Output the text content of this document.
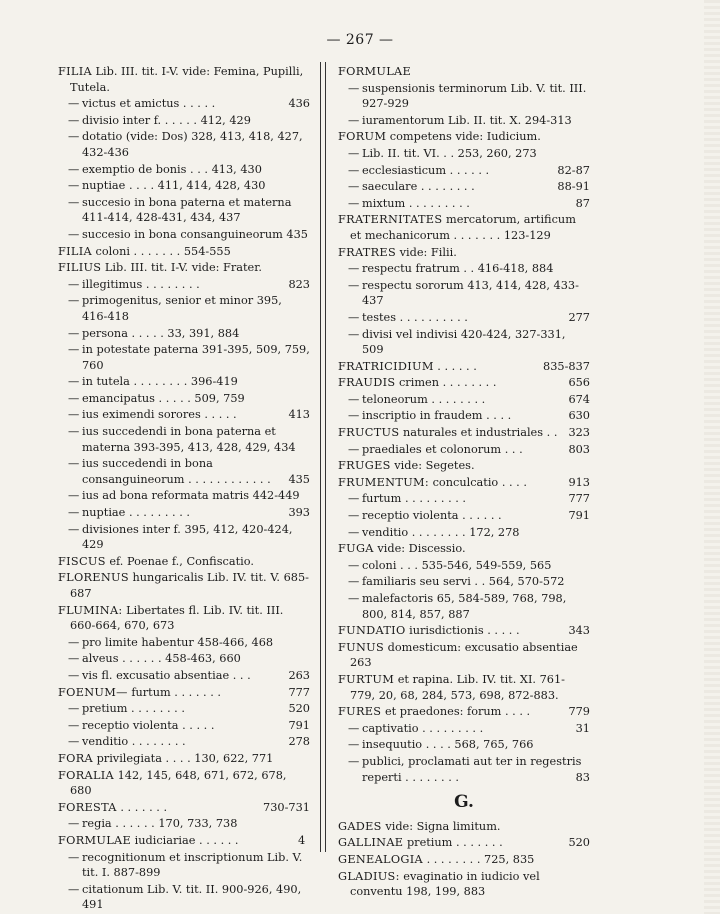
— 267 —
FILIA Lib. III. tit. I-V. vide: Femina, Pupilli, Tutela.
— victus et amictus . . . . .	436
— divisio inter f. . . . . . 412, 429
— dotatio (vide: Dos) 328, 413, 418, 427, 432-436
— exemptio de bonis . . . 413, 430
— nuptiae . . . . 411, 414, 428, 430
— succesio in bona paterna et materna 411-414, 428-431, 434, 437
— succesio in bona consanguineorum 435
FILIA coloni . . . . . . . 554-555
FILIUS Lib. III. tit. I-V. vide: Frater.
— illegitimus . . . . . . . .	823
— primogenitus, senior et minor 395, 416-418
— persona . . . . . 33, 391, 884
— in potestate paterna 391-395, 509, 759, 760
— in tutela . . . . . . . . 396-419
— emancipatus . . . . . 509, 759
— ius eximendi sorores . . . . .	413
— ius succedendi in bona paterna et materna 393-395, 413, 428, 429, 434
— ius succedendi in bona consanguineorum . . . . . . . . . . . . 435
— ius ad bona reformata matris 442-449
— nuptiae . . . . . . . . .	393
— divisiones inter f. 395, 412, 420-424, 429
FISCUS ef. Poenae f., Confiscatio.
FLORENUS hungaricalis Lib. IV. tit. V. 685-687
FLUMINA: Libertates fl. Lib. IV. tit. III. 660-664, 670, 673
— pro limite habentur 458-466, 468
— alveus . . . . . . 458-463, 660
— vis fl. excusatio absentiae . . .	263
FOENUM— furtum . . . . . . .	777
— pretium . . . . . . . .	520
— receptio violenta . . . . .	791
— venditio . . . . . . . .	278
FORA privilegiata . . . . 130, 622, 771
FORALIA 142, 145, 648, 671, 672, 678, 680
FORESTA . . . . . . .	730-731
— regia . . . . . . 170, 733, 738
FORMULAE iudiciariae . . . . . .	4
— recognitionum et inscriptionum Lib. V. tit. I. 887-899
— citationum Lib. V. tit. II. 900-926, 490, 491
FORMULAE
— suspensionis terminorum Lib. V. tit. III. 927-929
— iuramentorum Lib. II. tit. X. 294-313
FORUM competens vide: Iudicium.
— Lib. II. tit. VI. . . 253, 260, 273
— ecclesiasticum . . . . . .	82-87
— saeculare . . . . . . . .	88-91
— mixtum . . . . . . . . .	87
FRATERNITATES mercatorum, artificum et mechanicorum . . . . . . . 123-129
FRATRES vide: Filii.
— respectu fratrum . . 416-418, 884
— respectu sororum 413, 414, 428, 433-437
— testes . . . . . . . . . .	277
— divisi vel indivisi 420-424, 327-331, 509
FRATRICIDIUM . . . . . .	835-837
FRAUDIS crimen . . . . . . . .	656
— teloneorum . . . . . . . .	674
— inscriptio in fraudem . . . .	630
FRUCTUS naturales et industriales . . 323
— praediales et colonorum . . .	803
FRUGES vide: Segetes.
FRUMENTUM: conculcatio . . . .	913
— furtum . . . . . . . . .	777
— receptio violenta . . . . . .	791
— venditio . . . . . . . . 172, 278
FUGA vide: Discessio.
— coloni . . . 535-546, 549-559, 565
— familiaris seu servi . . 564, 570-572
— malefactoris 65, 584-589, 768, 798, 800, 814, 857, 887
FUNDATIO iurisdictionis . . . . .	343
FUNUS domesticum: excusatio absentiae 263
FURTUM et rapina. Lib. IV. tit. XI. 761-779, 20, 68, 284, 573, 698, 872-883.
FURES et praedones: forum . . . .	779
— captivatio . . . . . . . . .	31
— insequutio . . . . 568, 765, 766
— publici, proclamati aut ter in regestris reperti . . . . . . . .	83
G.
GADES vide: Signa limitum.
GALLINAE pretium . . . . . . .	520
GENEALOGIA . . . . . . . . 725, 835
GLADIUS: evaginatio in iudicio vel conventu 198, 199, 883
